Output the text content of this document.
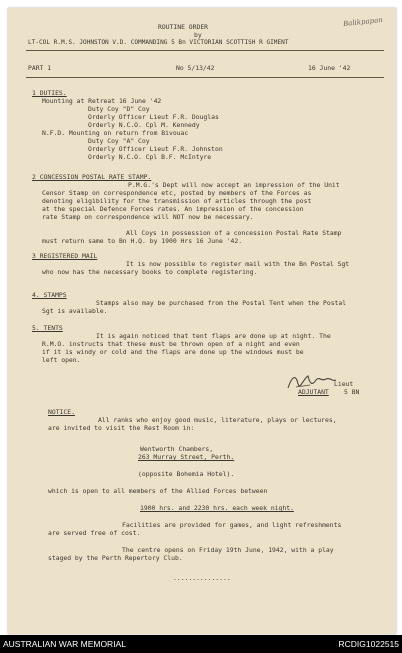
Balikpapan
ROUTINE ORDER
by
LT-COL R.M.S. JOHNSTON V.D. COMMANDING 5 Bn VICTORIAN SCOTTISH R GIMENT
PART 1	No 5/13/42	16 June '42
1 DUTIES.
Mounting at Retreat 16 June '42
Duty Coy "D" Coy
Orderly Officer Lieut F.R. Douglas
Orderly N.C.O. Cpl M. Kennedy
N.F.D. Mounting on return from Bivouac
Duty Coy "A" Coy
Orderly Officer Lieut F.R. Johnston
Orderly N.C.O. Cpl B.F. McIntyre
2 CONCESSION POSTAL RATE STAMP.
P.M.G.'s Dept will now accept an impression of the Unit
Censor Stamp on correspondence etc, posted by members of the Forces as
denoting eligibility for the transmission of articles through the post
at the special Defence Forces rates. An impression of the concession
rate Stamp on correspondence will NOT now be necessary.
All Coys in possession of a concession Postal Rate Stamp
must return same to Bn H.Q. by 1900 Hrs 16 June '42.
3 REGISTERED MAIL
It is now possible to register mail with the Bn Postal Sgt
who now has the necessary books to complete registering.
4. STAMPS
Stamps also may be purchased from the Postal Tent when the Postal
Sgt is available.
5. TENTS
It is again noticed that tent flaps are done up at night. The
R.M.O. instructs that these must be thrown open of a night and even
if it is windy or cold and the flaps are done up the windows must be
left open.
Lieut
ADJUTANT 5 BN
NOTICE.
All ranks who enjoy good music, literature, plays or lectures,
are invited to visit the Rest Room in:
Wentworth Chambers,
263 Murray Street, Perth.
(opposite Bohemia Hotel).
which is open to all members of the Allied Forces between
1900 hrs. and 2230 hrs. each week night.
Facilities are provided for games, and light refreshments
are served free of cost.
The centre opens on Friday 19th June, 1942, with a play
staged by the Perth Repertory Club.
...............
AUSTRALIAN WAR MEMORIAL	RCDIG1022515
